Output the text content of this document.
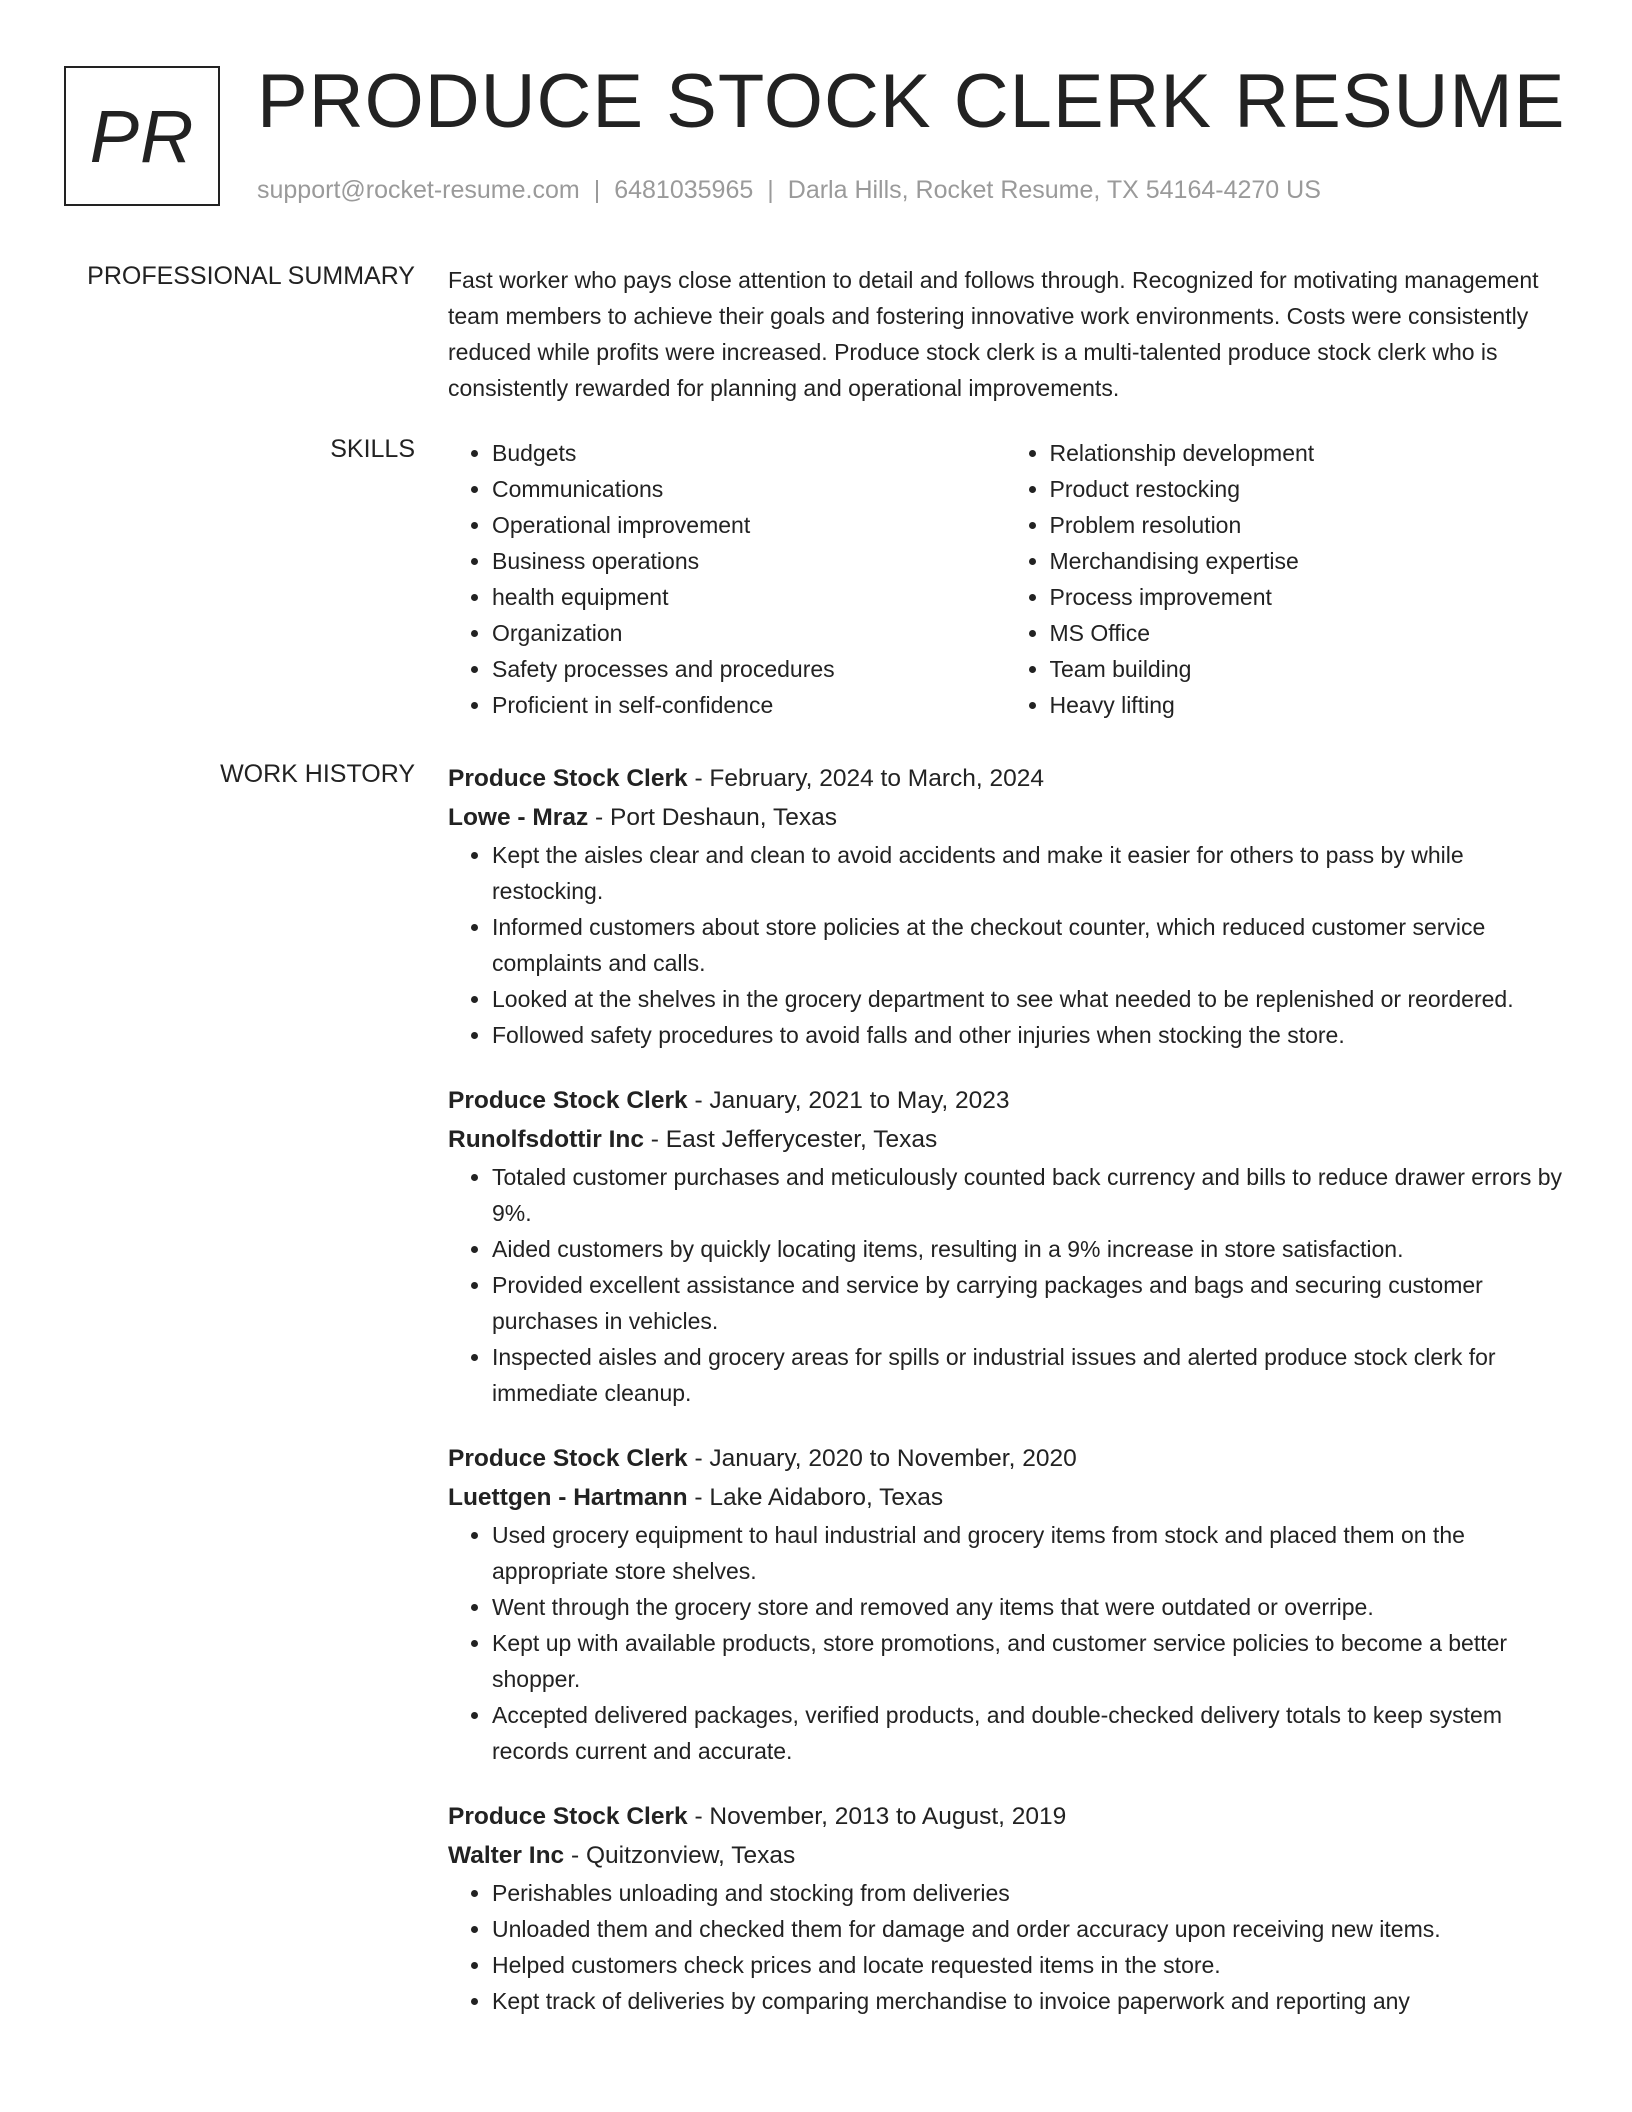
PR PRODUCE STOCK CLERK RESUME
support@rocket-resume.com | 6481035965 | Darla Hills, Rocket Resume, TX 54164-4270 US
PROFESSIONAL SUMMARY Fast worker who pays close attention to detail and follows through. Recognized for motivating management team members to achieve their goals and fostering innovative work environments. Costs were consistently reduced while profits were increased. Produce stock clerk is a multi-talented produce stock clerk who is consistently rewarded for planning and operational improvements.
SKILLS
•	Budgets
• Communications
• Operational improvement
• Business operations
• health equipment
• Organization
• Safety processes and procedures
• Proficient in self-confidence
• Relationship development
• Product restocking
• Problem resolution
• Merchandising expertise
• Process improvement
• MS Office
• Team building
• Heavy lifting
WORK HISTORY Produce Stock Clerk - February, 2024 to March, 2024
Lowe - Mraz - Port Deshaun, Texas
• Kept the aisles clear and clean to avoid accidents and make it easier for others to pass by while restocking.
• Informed customers about store policies at the checkout counter, which reduced customer service complaints and calls.
• Looked at the shelves in the grocery department to see what needed to be replenished or reordered.
• Followed safety procedures to avoid falls and other injuries when stocking the store.
Produce Stock Clerk - January, 2021 to May, 2023
Runolfsdottir Inc - East Jefferycester, Texas
• Totaled customer purchases and meticulously counted back currency and bills to reduce drawer errors by 9%.
• Aided customers by quickly locating items, resulting in a 9% increase in store satisfaction.
• Provided excellent assistance and service by carrying packages and bags and securing customer purchases in vehicles.
• Inspected aisles and grocery areas for spills or industrial issues and alerted produce stock clerk for immediate cleanup.
Produce Stock Clerk - January, 2020 to November, 2020
Luettgen - Hartmann - Lake Aidaboro, Texas
• Used grocery equipment to haul industrial and grocery items from stock and placed them on the appropriate store shelves.
• Went through the grocery store and removed any items that were outdated or overripe.
• Kept up with available products, store promotions, and customer service policies to become a better shopper.
• Accepted delivered packages, verified products, and double-checked delivery totals to keep system records current and accurate.
Produce Stock Clerk - November, 2013 to August, 2019
Walter Inc - Quitzonview, Texas
• Perishables unloading and stocking from deliveries
• Unloaded them and checked them for damage and order accuracy upon receiving new items.
• Helped customers check prices and locate requested items in the store.
• Kept track of deliveries by comparing merchandise to invoice paperwork and reporting any
